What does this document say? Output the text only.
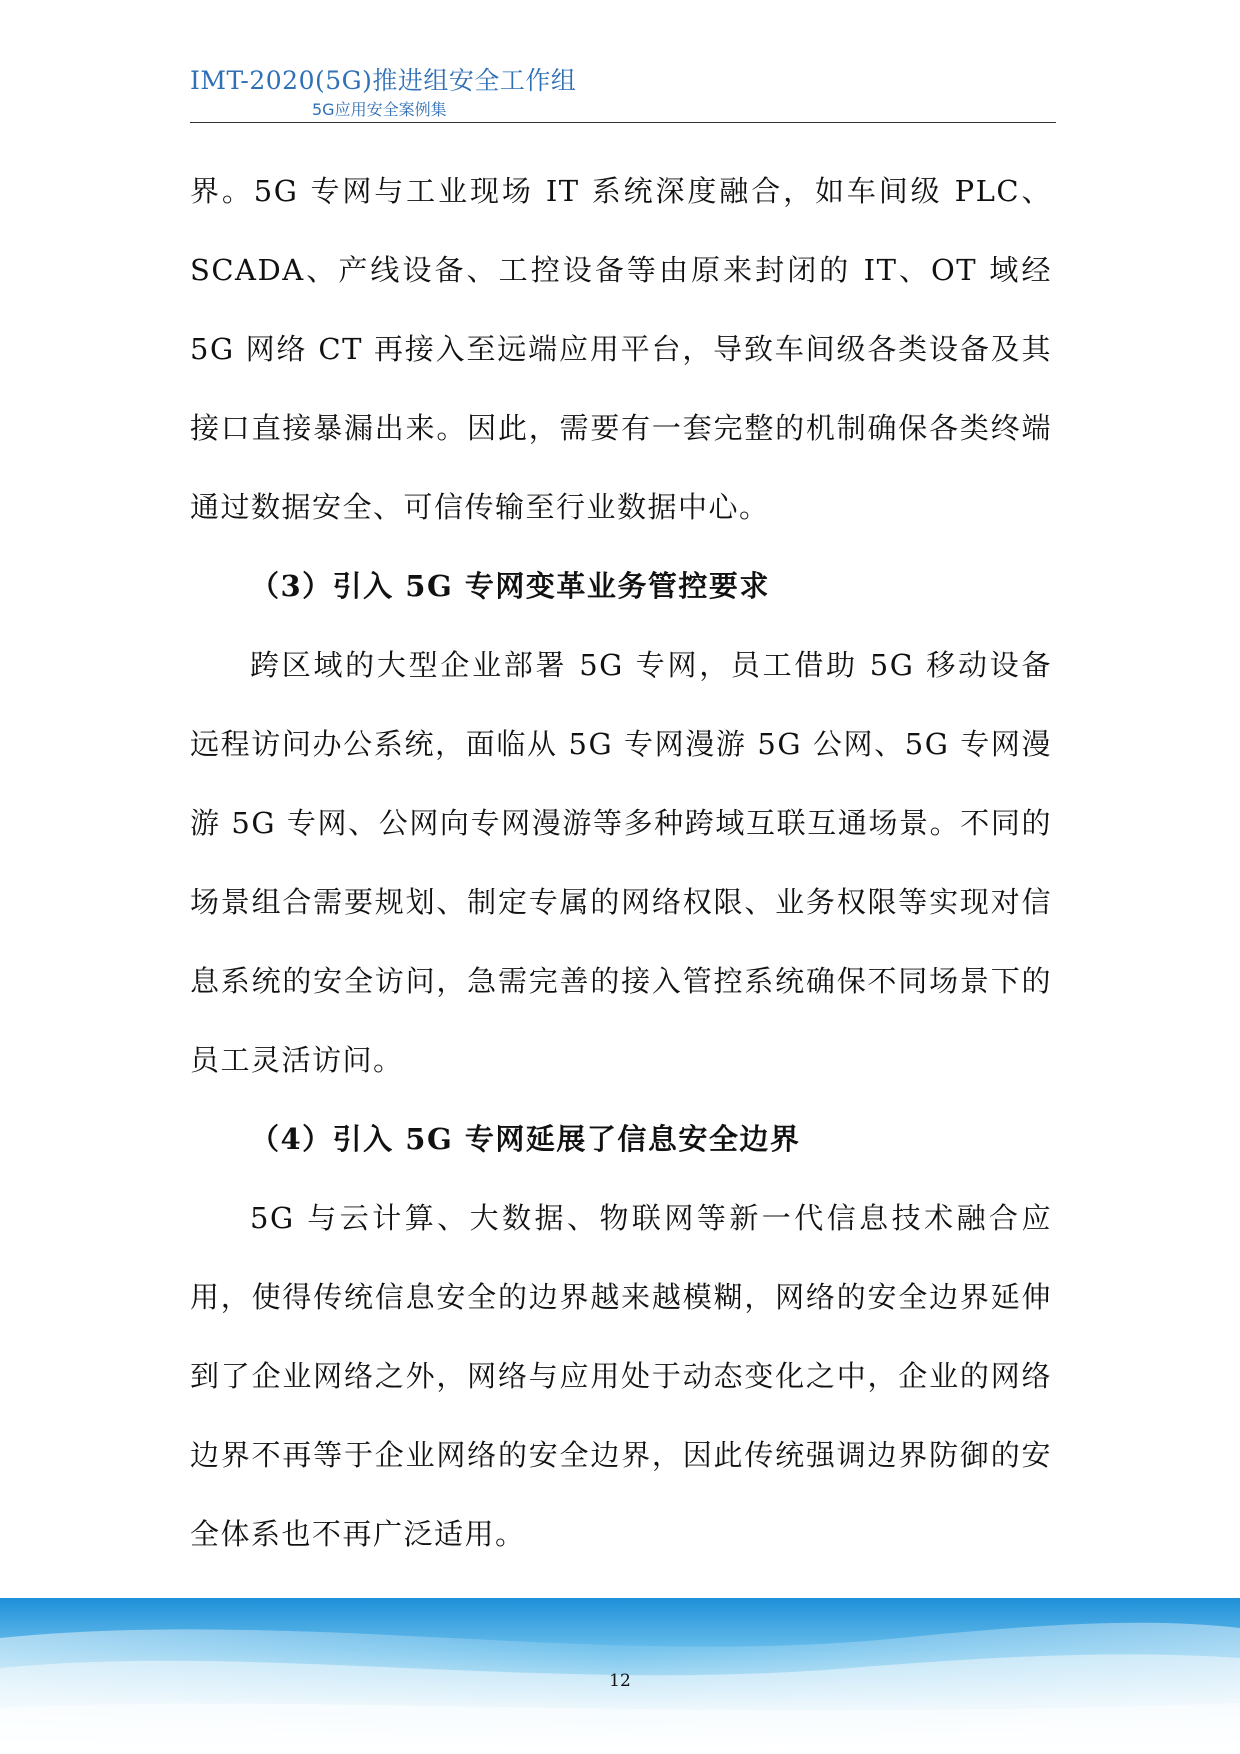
IMT-2020(5G)推进组安全工作组
5G应用安全案例集

界。5G 专网与工业现场 IT 系统深度融合，如车间级 PLC、SCADA、产线设备、工控设备等由原来封闭的 IT、OT 域经 5G 网络 CT 再接入至远端应用平台，导致车间级各类设备及其接口直接暴漏出来。因此，需要有一套完整的机制确保各类终端通过数据安全、可信传输至行业数据中心。

（3）引入 5G 专网变革业务管控要求

跨区域的大型企业部署 5G 专网，员工借助 5G 移动设备远程访问办公系统，面临从 5G 专网漫游 5G 公网、5G 专网漫游 5G 专网、公网向专网漫游等多种跨域互联互通场景。不同的场景组合需要规划、制定专属的网络权限、业务权限等实现对信息系统的安全访问，急需完善的接入管控系统确保不同场景下的员工灵活访问。

（4）引入 5G 专网延展了信息安全边界

5G 与云计算、大数据、物联网等新一代信息技术融合应用，使得传统信息安全的边界越来越模糊，网络的安全边界延伸到了企业网络之外，网络与应用处于动态变化之中，企业的网络边界不再等于企业网络的安全边界，因此传统强调边界防御的安全体系也不再广泛适用。

12
